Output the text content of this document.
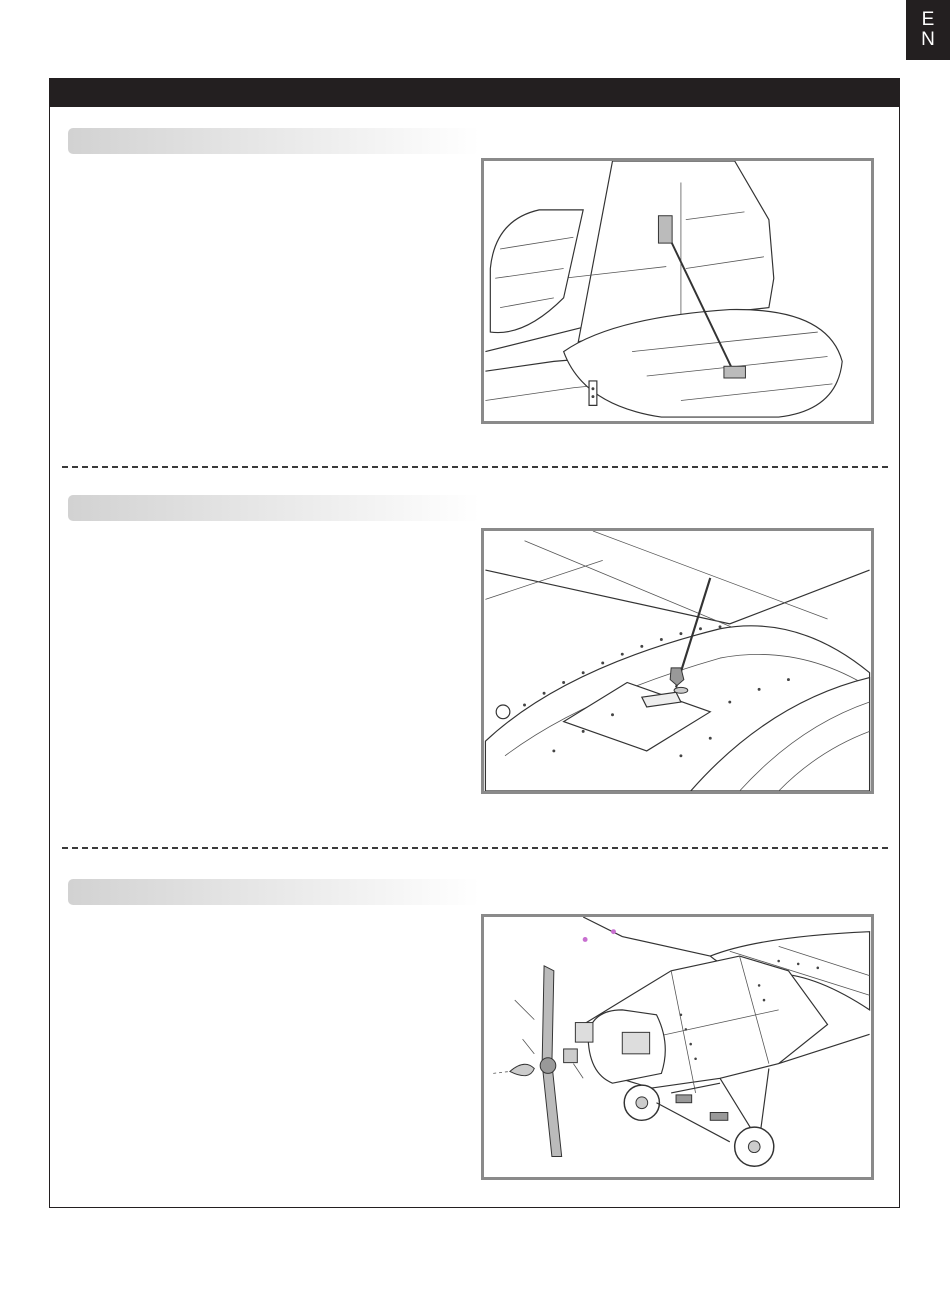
E
N
